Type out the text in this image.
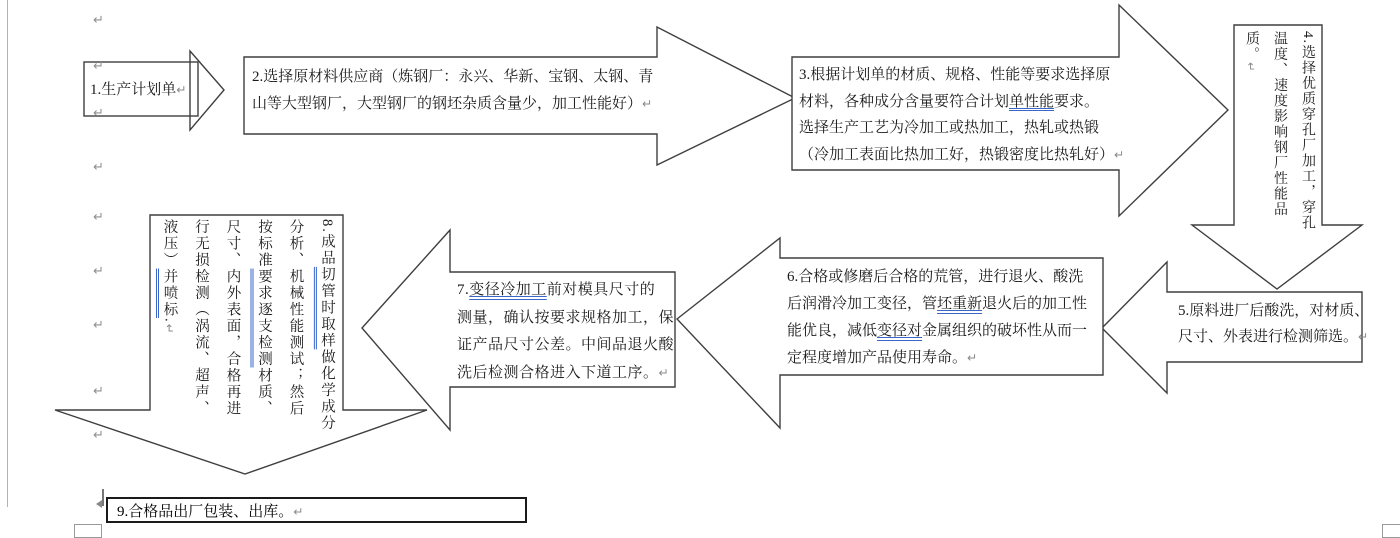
↵
↵
↵
↵
↵
↵
↵
↵
↵
1.生产计划单↵
2.选择原材料供应商（炼钢厂：永兴、华新、宝钢、太钢、青
山等大型钢厂，大型钢厂的钢坯杂质含量少，加工性能好）↵
3.根据计划单的材质、规格、性能等要求选择原
材料，各种成分含量要符合计划单性能要求。
选择生产工艺为冷加工或热加工，热轧或热锻
（冷加工表面比热加工好，热锻密度比热轧好）↵	4.选择优质穿孔厂加工，穿孔温度、速度影响钢厂性能品质。↵
5.原料进厂后酸洗，对材质、
尺寸、外表进行检测筛选。↵
6.合格或修磨后合格的荒管，进行退火、酸洗
后润滑冷加工变径，管坯重新退火后的加工性
能优良，减低变径对金属组织的破坏性从而一
定程度增加产品使用寿命。↵
7.变径冷加工前对模具尺寸的
测量，确认按要求规格加工，保
证产品尺寸公差。中间品退火酸
洗后检测合格进入下道工序。↵
8.成品切管时取样做化学成分分析、机械性能测试；然后按标准要求逐支检测材质、尺寸、内外表面，合格再进行无损检测（涡流、超声、液压）并喷标.↵
9.合格品出厂包装、出库。↵
